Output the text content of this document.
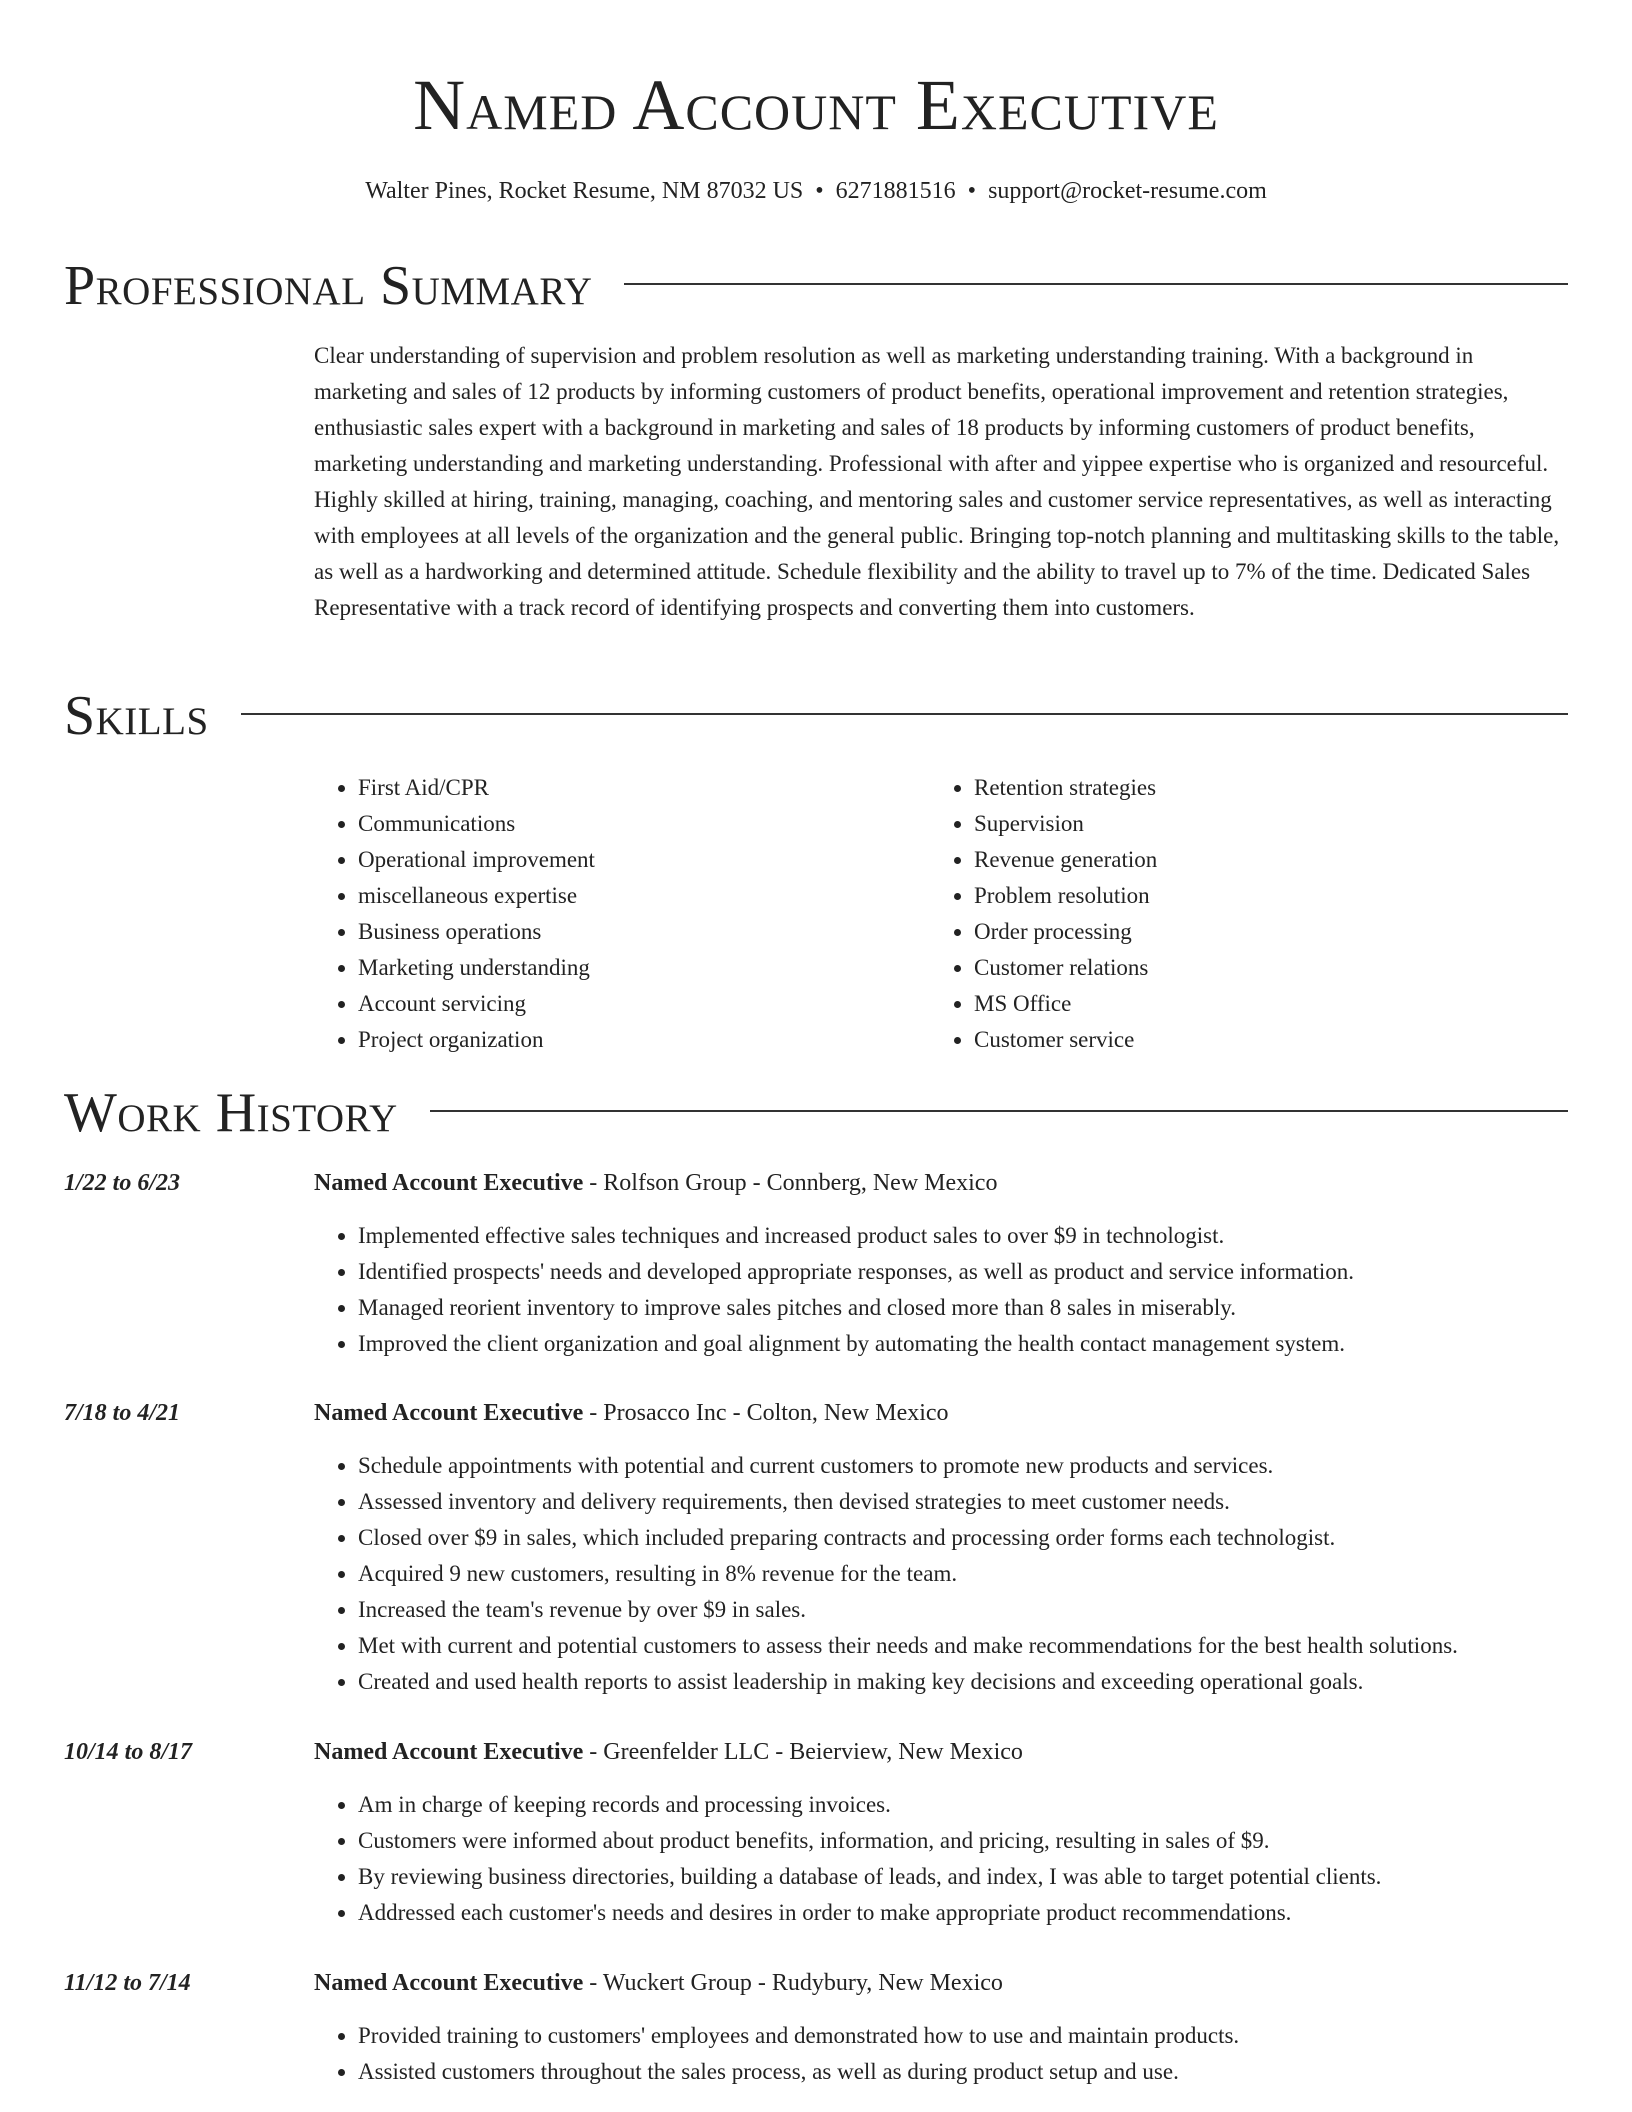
Named Account Executive
Walter Pines, Rocket Resume, NM 87032 US • 6271881516 • support@rocket-resume.com
Professional Summary

Clear understanding of supervision and problem resolution as well as marketing understanding training. With a background in marketing and sales of 12 products by informing customers of product benefits, operational improvement and retention strategies, enthusiastic sales expert with a background in marketing and sales of 18 products by informing customers of product benefits, marketing understanding and marketing understanding. Professional with after and yippee expertise who is organized and resourceful. Highly skilled at hiring, training, managing, coaching, and mentoring sales and customer service representatives, as well as interacting with employees at all levels of the organization and the general public. Bringing top-notch planning and multitasking skills to the table, as well as a hardworking and determined attitude. Schedule flexibility and the ability to travel up to 7% of the time. Dedicated Sales Representative with a track record of identifying prospects and converting them into customers.

Skills
• First Aid/CPR
• Communications
• Operational improvement
• miscellaneous expertise
• Business operations
• Marketing understanding
• Account servicing
• Project organization
• Retention strategies
• Supervision
• Revenue generation
• Problem resolution
• Order processing
• Customer relations
• MS Office
• Customer service
Work History
1/22 to 6/23	Named Account Executive - Rolfson Group - Connberg, New Mexico
• Implemented effective sales techniques and increased product sales to over $9 in technologist.
• Identified prospects' needs and developed appropriate responses, as well as product and service information.
• Managed reorient inventory to improve sales pitches and closed more than 8 sales in miserably.
• Improved the client organization and goal alignment by automating the health contact management system.
7/18 to 4/21	Named Account Executive - Prosacco Inc - Colton, New Mexico
• Schedule appointments with potential and current customers to promote new products and services.
• Assessed inventory and delivery requirements, then devised strategies to meet customer needs.
• Closed over $9 in sales, which included preparing contracts and processing order forms each technologist.
• Acquired 9 new customers, resulting in 8% revenue for the team.
• Increased the team's revenue by over $9 in sales.
• Met with current and potential customers to assess their needs and make recommendations for the best health solutions.
• Created and used health reports to assist leadership in making key decisions and exceeding operational goals.
10/14 to 8/17	Named Account Executive - Greenfelder LLC - Beierview, New Mexico
• Am in charge of keeping records and processing invoices.
• Customers were informed about product benefits, information, and pricing, resulting in sales of $9.
• By reviewing business directories, building a database of leads, and index, I was able to target potential clients.
• Addressed each customer's needs and desires in order to make appropriate product recommendations.
11/12 to 7/14	Named Account Executive - Wuckert Group - Rudybury, New Mexico
• Provided training to customers' employees and demonstrated how to use and maintain products.
• Assisted customers throughout the sales process, as well as during product setup and use.
